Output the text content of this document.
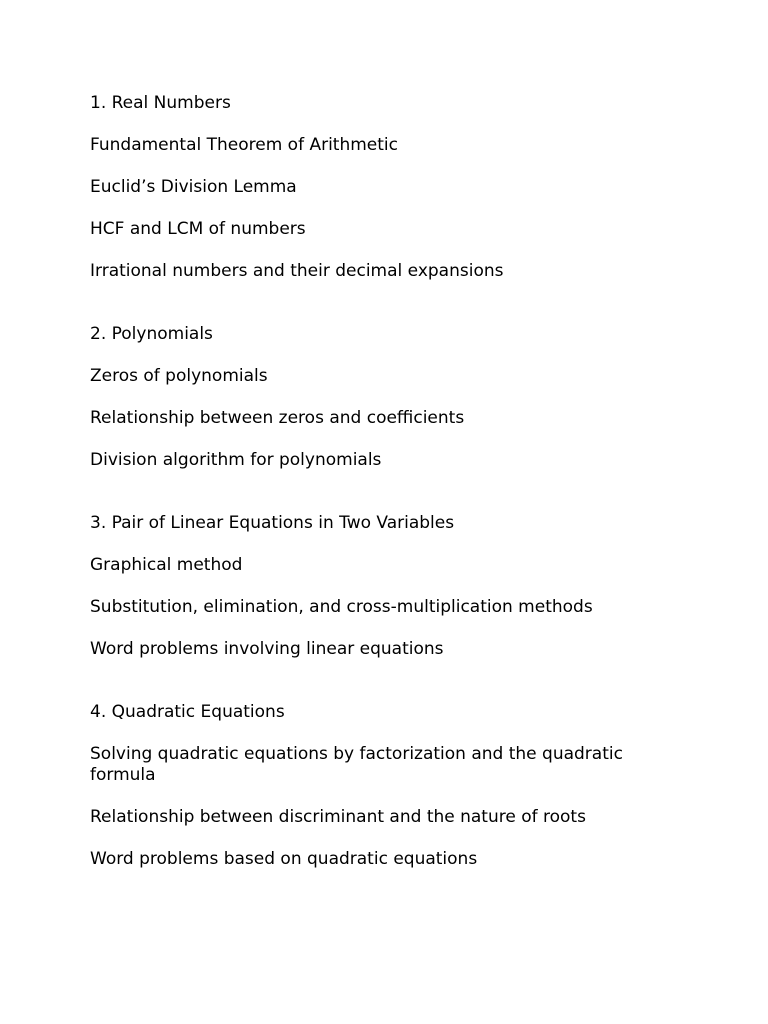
1. Real Numbers

Fundamental Theorem of Arithmetic

Euclid’s Division Lemma

HCF and LCM of numbers

Irrational numbers and their decimal expansions

2. Polynomials

Zeros of polynomials

Relationship between zeros and coefficients

Division algorithm for polynomials

3. Pair of Linear Equations in Two Variables

Graphical method

Substitution, elimination, and cross-multiplication methods

Word problems involving linear equations

4. Quadratic Equations

Solving quadratic equations by factorization and the quadratic formula

Relationship between discriminant and the nature of roots

Word problems based on quadratic equations
